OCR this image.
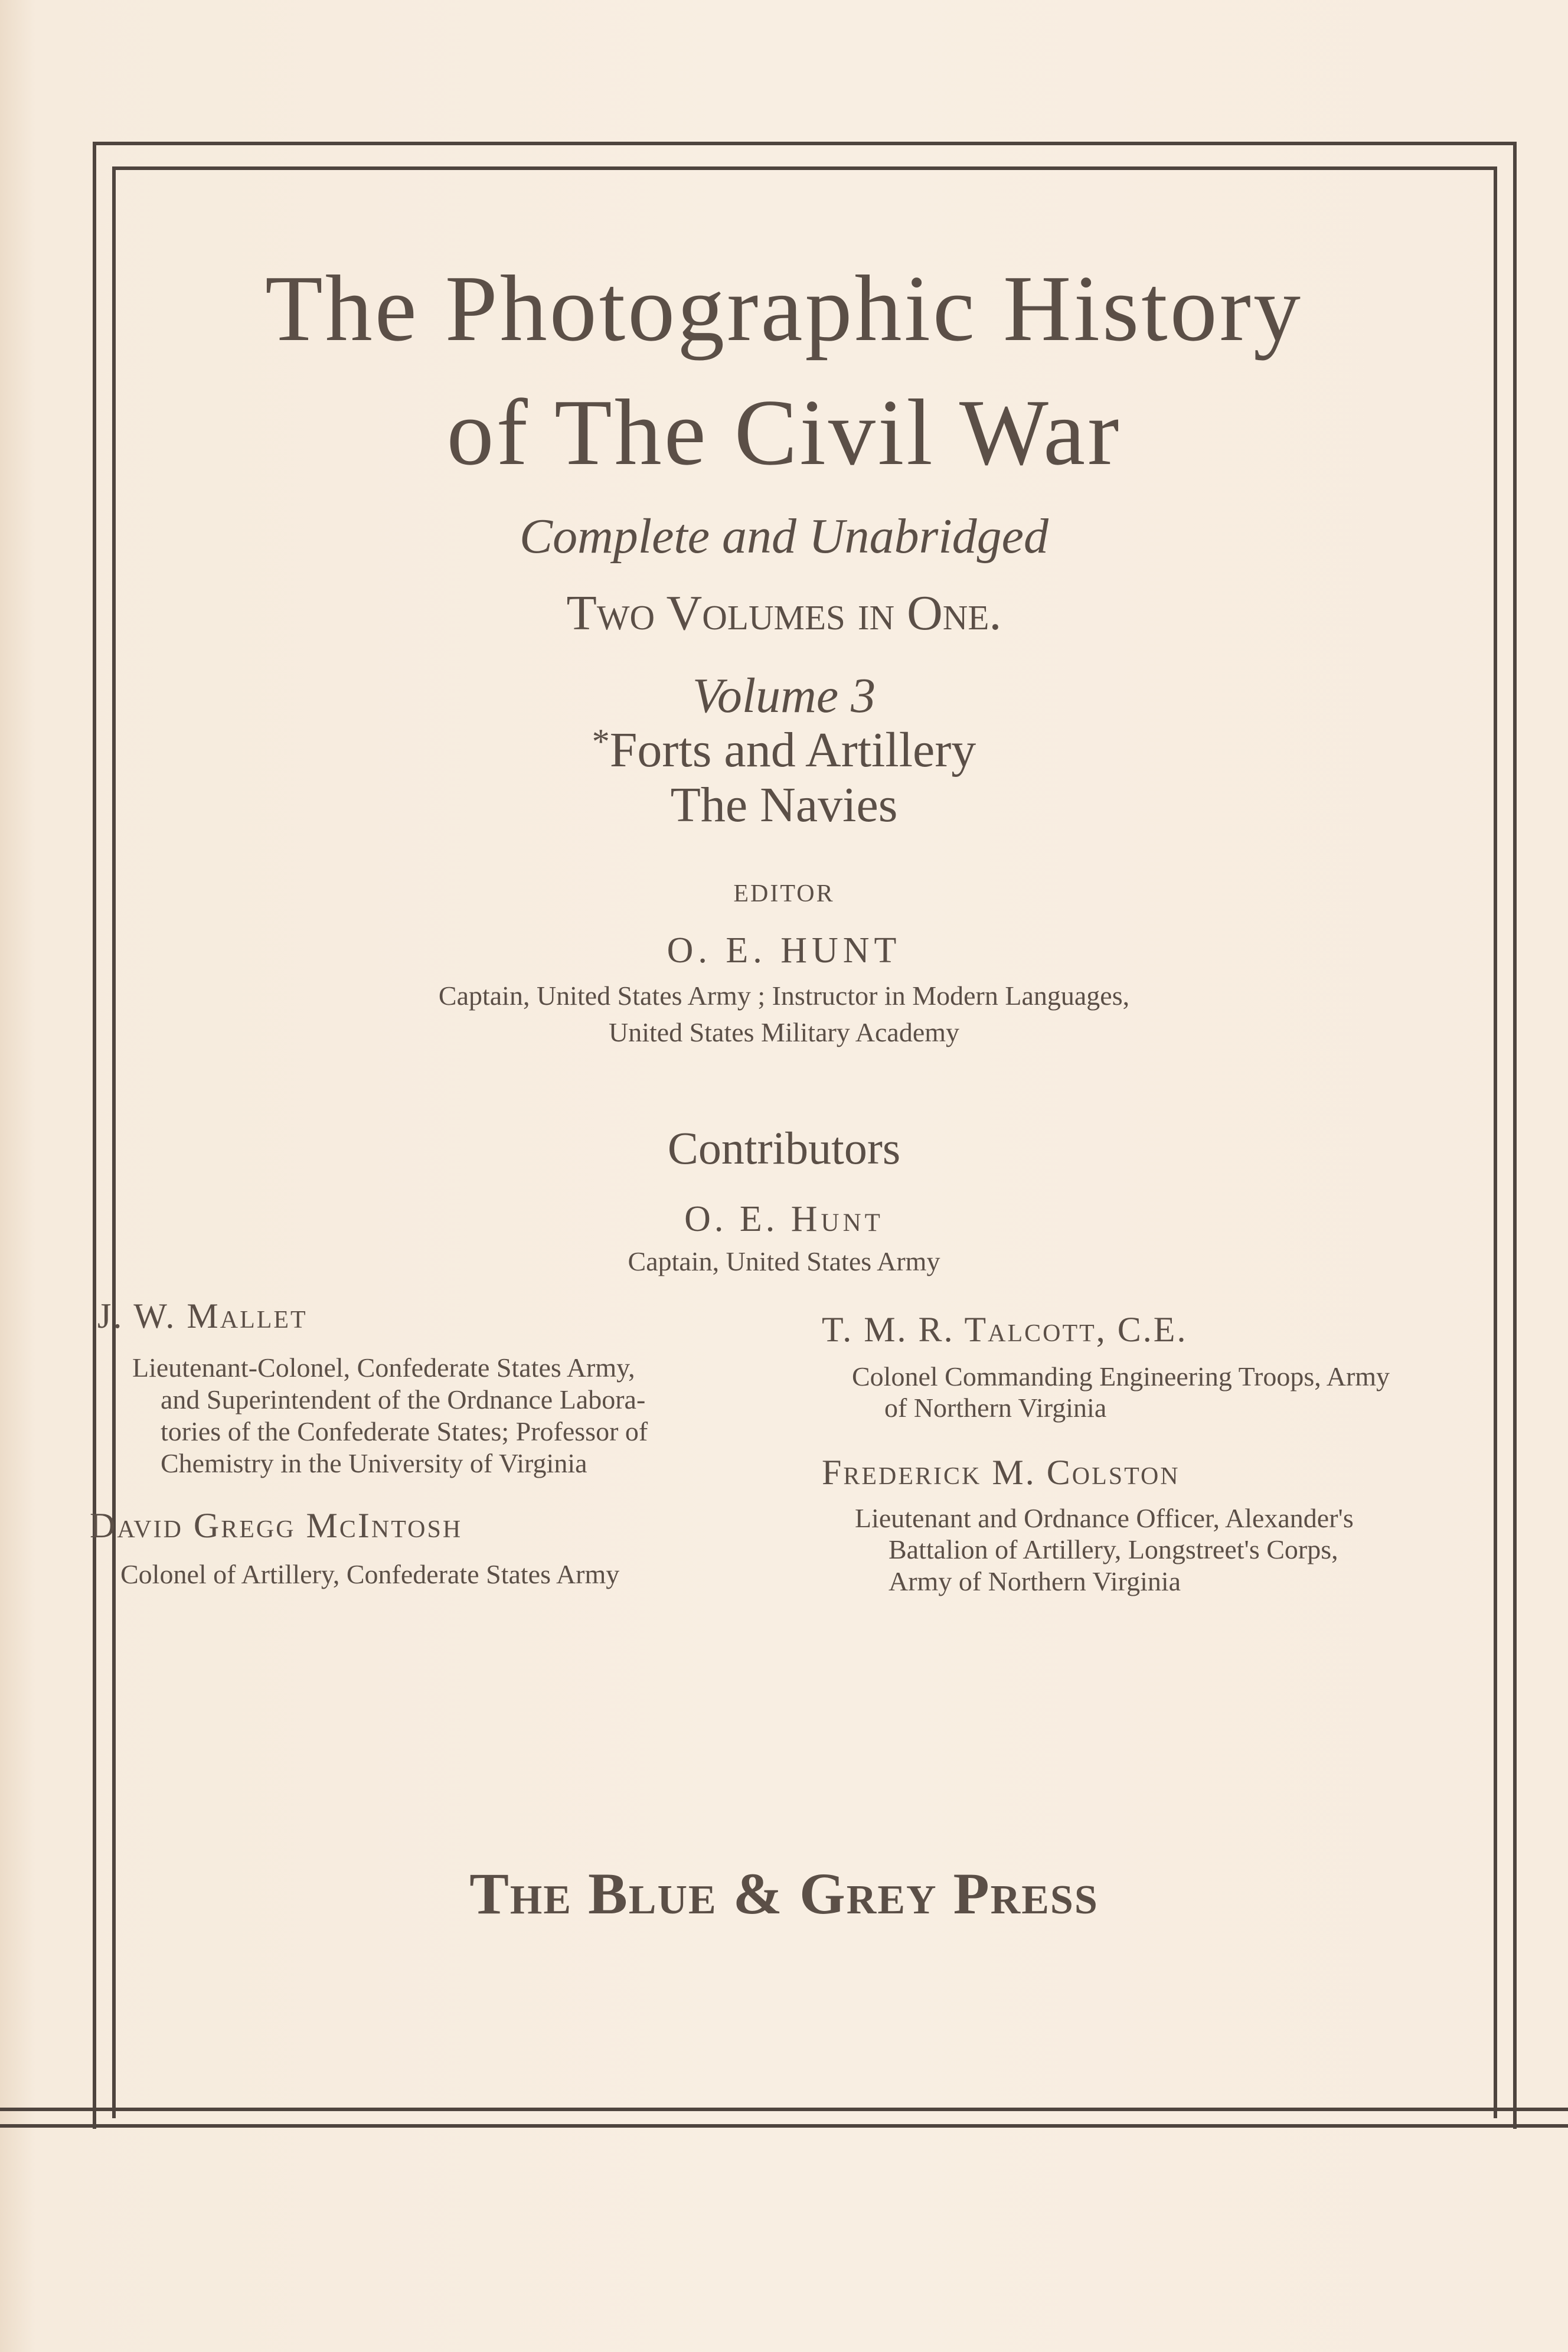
The Photographic History
of The Civil War
Complete and Unabridged
Two Volumes in One.
Volume 3
*Forts and Artillery
The Navies
EDITOR
O. E. HUNT
Captain, United States Army ; Instructor in Modern Languages,
United States Military Academy
Contributors
O. E. Hunt
Captain, United States Army
J. W. Mallet
Lieutenant-Colonel, Confederate States Army,
and Superintendent of the Ordnance Labora-
tories of the Confederate States; Professor of
Chemistry in the University of Virginia
David Gregg McIntosh
Colonel of Artillery, Confederate States Army
T. M. R. Talcott, C.E.
Colonel Commanding Engineering Troops, Army
of Northern Virginia
Frederick M. Colston
Lieutenant and Ordnance Officer, Alexander's
Battalion of Artillery, Longstreet's Corps,
Army of Northern Virginia
The Blue & Grey Press
